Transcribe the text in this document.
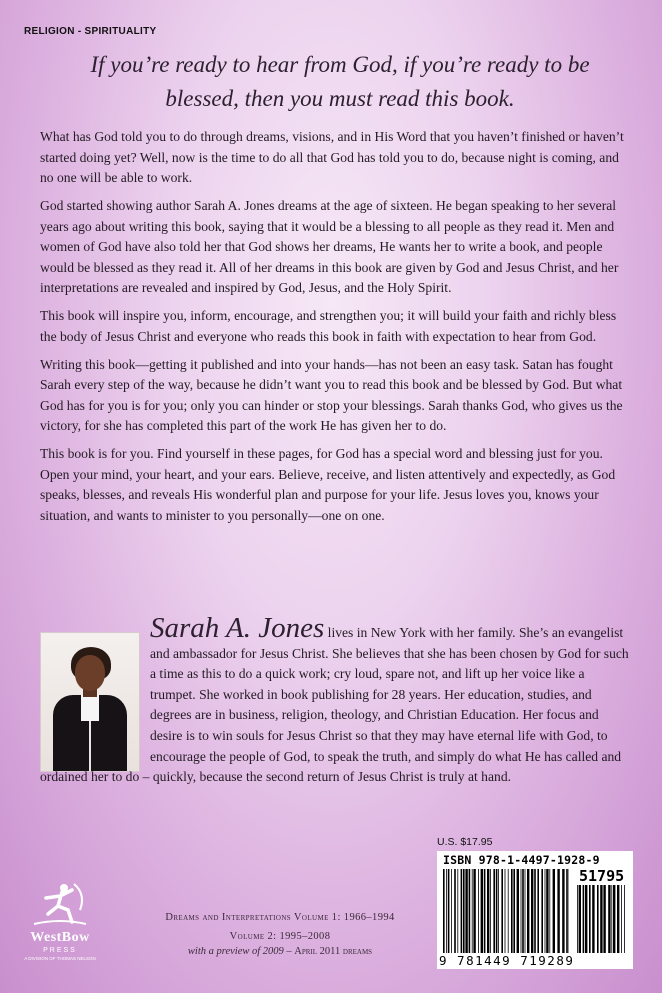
RELIGION - SPIRITUALITY
If you’re ready to hear from God, if you’re ready to be blessed, then you must read this book.

What has God told you to do through dreams, visions, and in His Word that you haven’t finished or haven’t started doing yet? Well, now is the time to do all that God has told you to do, because night is coming, and no one will be able to work.

God started showing author Sarah A. Jones dreams at the age of sixteen. He began speaking to her several years ago about writing this book, saying that it would be a blessing to all people as they read it. Men and women of God have also told her that God shows her dreams, He wants her to write a book, and people would be blessed as they read it. All of her dreams in this book are given by God and Jesus Christ, and her interpretations are revealed and inspired by God, Jesus, and the Holy Spirit.

This book will inspire you, inform, encourage, and strengthen you; it will build your faith and richly bless the body of Jesus Christ and everyone who reads this book in faith with expectation to hear from God.

Writing this book—getting it published and into your hands—has not been an easy task. Satan has fought Sarah every step of the way, because he didn’t want you to read this book and be blessed by God. But what God has for you is for you; only you can hinder or stop your blessings. Sarah thanks God, who gives us the victory, for she has completed this part of the work He has given her to do.

This book is for you. Find yourself in these pages, for God has a special word and blessing just for you. Open your mind, your heart, and your ears. Believe, receive, and listen attentively and expectedly, as God speaks, blesses, and reveals His wonderful plan and purpose for your life. Jesus loves you, knows your situation, and wants to minister to you personally—one on one.

Sarah A. Jones lives in New York with her family. She’s an evangelist and ambassador for Jesus Christ. She believes that she has been chosen by God for such a time as this to do a quick work; cry loud, spare not, and lift up her voice like a trumpet. She worked in book publishing for 28 years. Her education, studies, and degrees are in business, religion, theology, and Christian Education. Her focus and desire is to win souls for Jesus Christ so that they may have eternal life with God, to encourage the people of God, to speak the truth, and simply do what He has called and ordained her to do – quickly, because the second return of Jesus Christ is truly at hand.
U.S. $17.95
ISBN 978-1-4497-1928-9
51795
9 781449 719289
WestBow
PRESS
A DIVISION OF THOMAS NELSON
Dreams and Interpretations Volume 1: 1966–1994
Volume 2: 1995–2008
with a preview of 2009 – April 2011 dreams
